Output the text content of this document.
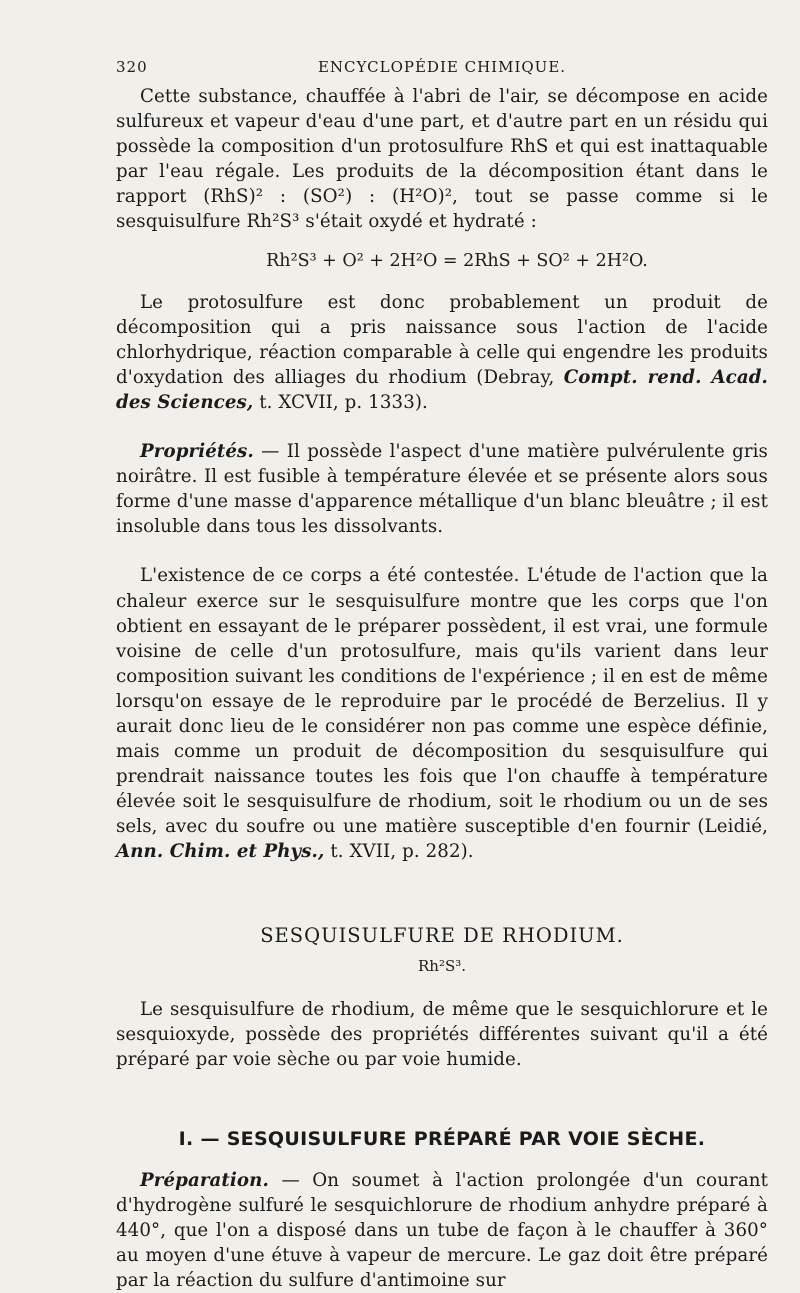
320	ENCYCLOPÉDIE CHIMIQUE.

Cette substance, chauffée à l'abri de l'air, se décompose en acide sulfureux et vapeur d'eau d'une part, et d'autre part en un résidu qui possède la composition d'un protosulfure RhS et qui est inattaquable par l'eau régale. Les produits de la décomposition étant dans le rapport (RhS)² : (SO²) : (H²O)², tout se passe comme si le sesquisulfure Rh²S³ s'était oxydé et hydraté :

Rh²S³ + O² + 2H²O = 2RhS + SO² + 2H²O.

Le protosulfure est donc probablement un produit de décomposition qui a pris naissance sous l'action de l'acide chlorhydrique, réaction comparable à celle qui engendre les produits d'oxydation des alliages du rhodium (Debray, Compt. rend. Acad. des Sciences, t. XCVII, p. 1333).

Propriétés. — Il possède l'aspect d'une matière pulvérulente gris noirâtre. Il est fusible à température élevée et se présente alors sous forme d'une masse d'apparence métallique d'un blanc bleuâtre ; il est insoluble dans tous les dissolvants.

L'existence de ce corps a été contestée. L'étude de l'action que la chaleur exerce sur le sesquisulfure montre que les corps que l'on obtient en essayant de le préparer possèdent, il est vrai, une formule voisine de celle d'un protosulfure, mais qu'ils varient dans leur composition suivant les conditions de l'expérience ; il en est de même lorsqu'on essaye de le reproduire par le procédé de Berzelius. Il y aurait donc lieu de le considérer non pas comme une espèce définie, mais comme un produit de décomposition du sesquisulfure qui prendrait naissance toutes les fois que l'on chauffe à température élevée soit le sesquisulfure de rhodium, soit le rhodium ou un de ses sels, avec du soufre ou une matière susceptible d'en fournir (Leidié, Ann. Chim. et Phys., t. XVII, p. 282).

SESQUISULFURE DE RHODIUM.
Rh²S³.

Le sesquisulfure de rhodium, de même que le sesquichlorure et le sesquioxyde, possède des propriétés différentes suivant qu'il a été préparé par voie sèche ou par voie humide.

I. — SESQUISULFURE PRÉPARÉ PAR VOIE SÈCHE.

Préparation. — On soumet à l'action prolongée d'un courant d'hydrogène sulfuré le sesquichlorure de rhodium anhydre préparé à 440°, que l'on a disposé dans un tube de façon à le chauffer à 360° au moyen d'une étuve à vapeur de mercure. Le gaz doit être préparé par la réaction du sulfure d'antimoine sur
